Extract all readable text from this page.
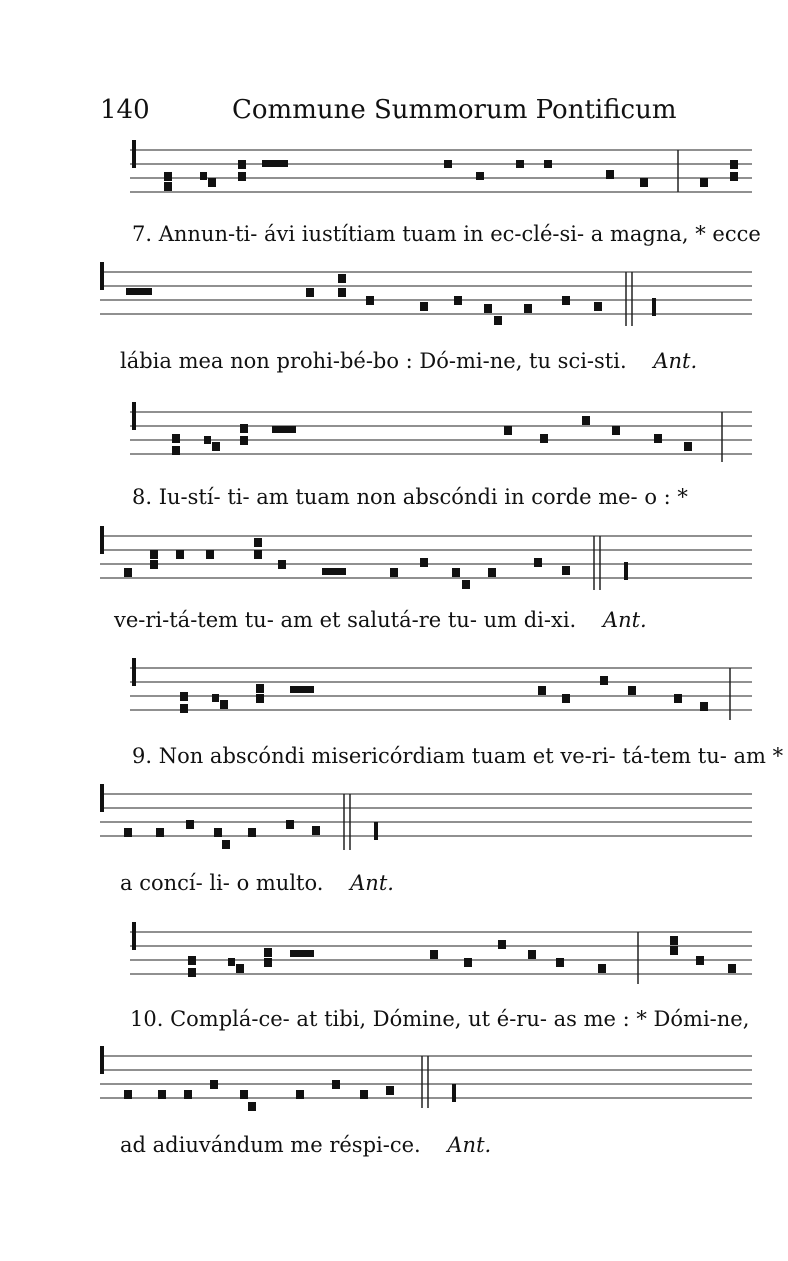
140	Commune Summorum Pontificum
7. Annun-ti- ávi iustítiam tuam in ec-clé-si- a magna, * ecce
lábia mea non prohi-bé-bo : Dó-mi-ne, tu sci-sti. Ant.
8. Iu-stí- ti- am tuam non abscóndi in corde me- o : *
ve-ri-tá-tem tu- am et salutá-re tu- um di-xi. Ant.
9. Non abscóndi misericórdiam tuam et ve-ri- tá-tem tu- am *
a concí- li- o multo. Ant.
10. Complá-ce- at tibi, Dómine, ut é-ru- as me : * Dómi-ne,
ad adiuvándum me réspi-ce. Ant.
